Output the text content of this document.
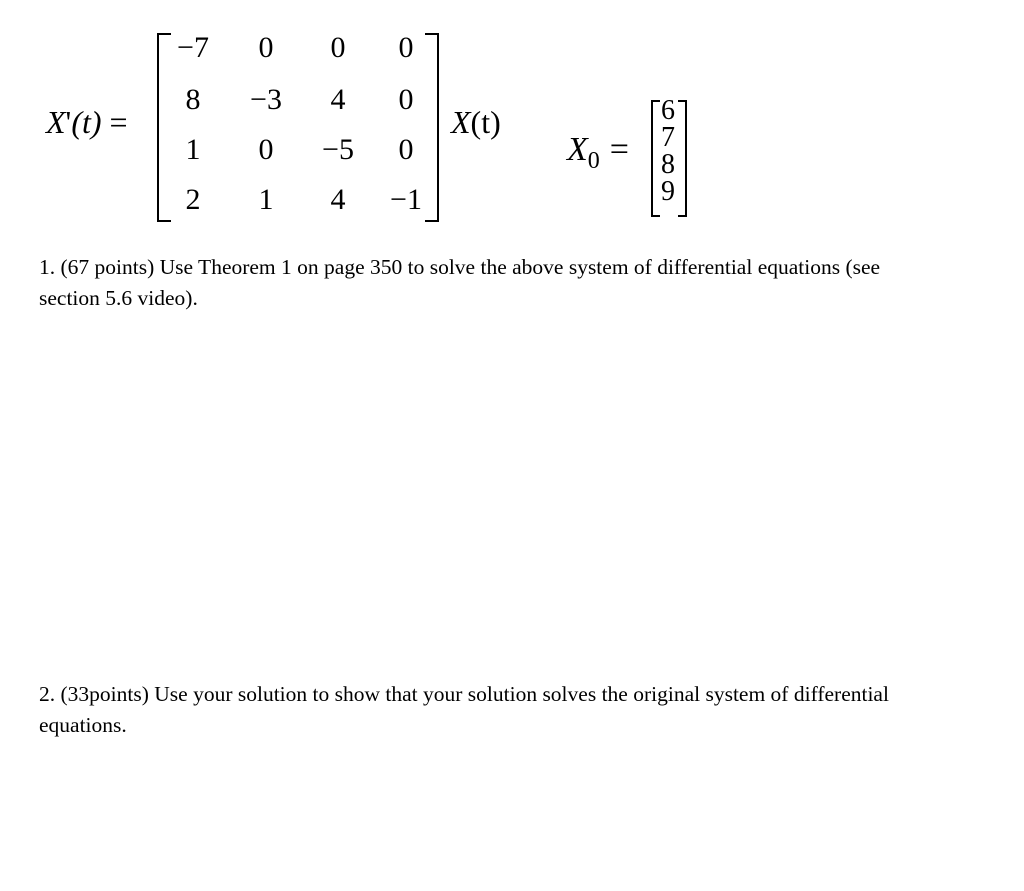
X'(t) =
−7	0	0	0
8	−3	4	0
1	0	−5	0
2	1	4	−1
X(t)
$X_0$ =
6
7
8
9
1. (67 points) Use Theorem 1 on page 350 to solve the above system of differential equations (see section 5.6 video).
2. (33points) Use your solution to show that your solution solves the original system of differential equations.
